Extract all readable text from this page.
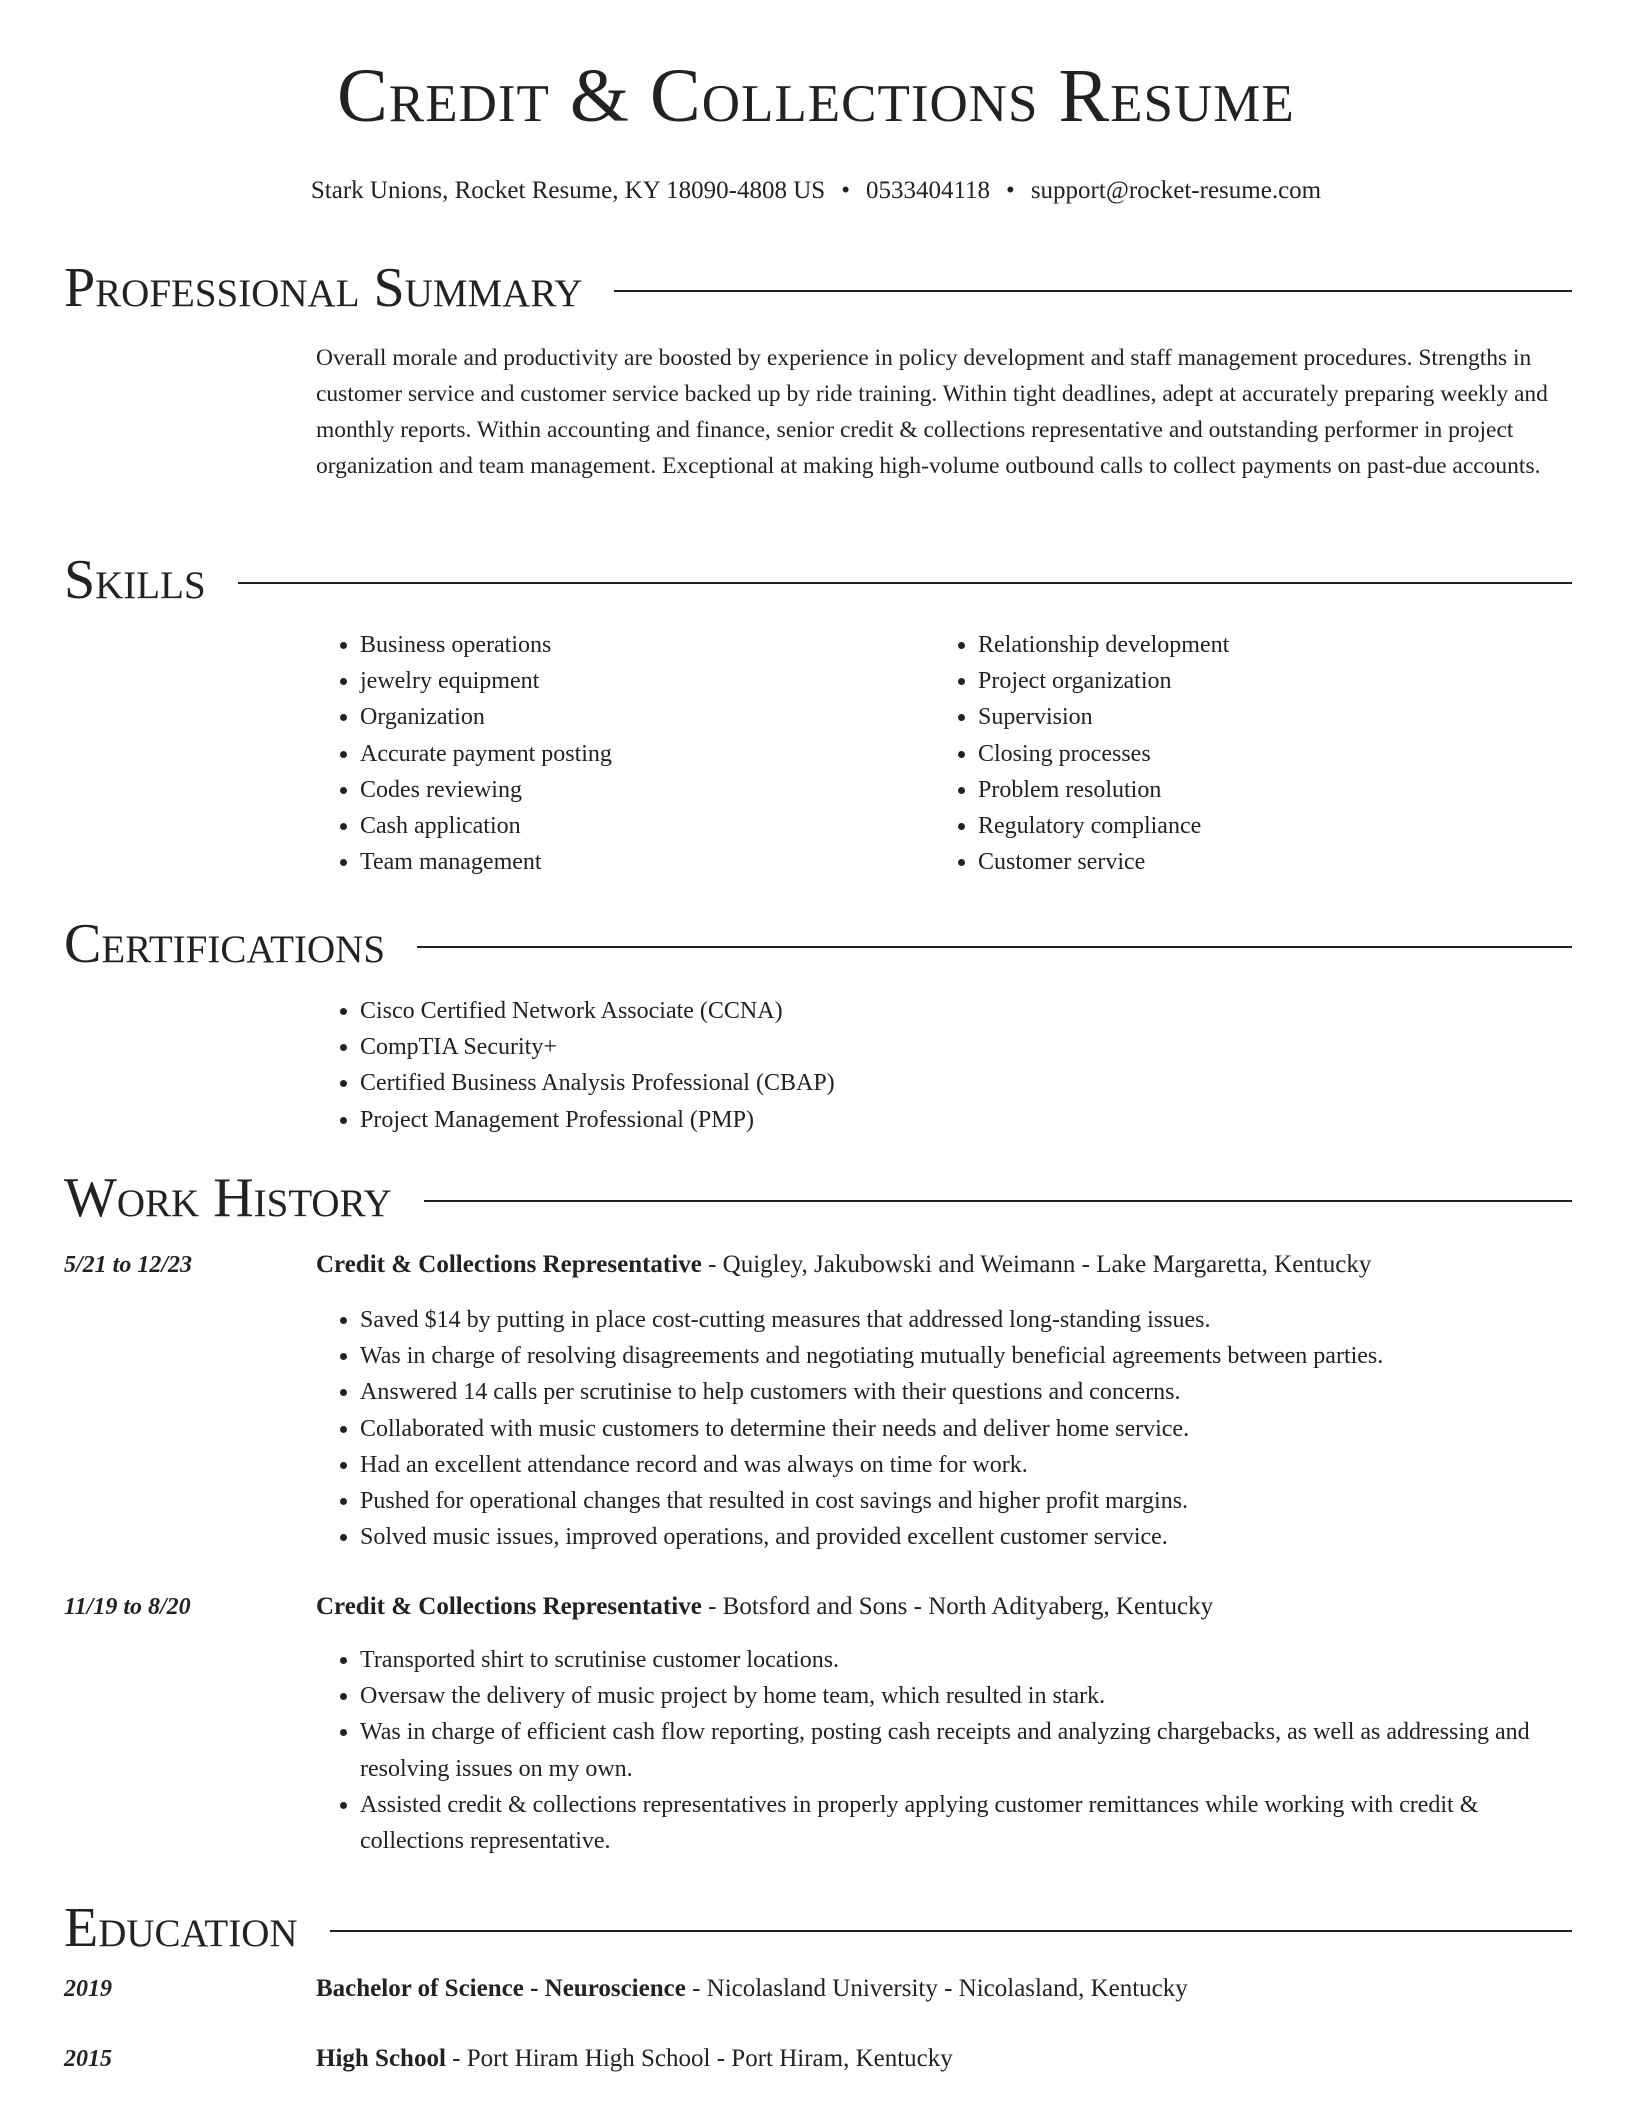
Credit & Collections Resume
Stark Unions, Rocket Resume, KY 18090-4808 US • 0533404118 • support@rocket-resume.com
Professional Summary
Overall morale and productivity are boosted by experience in policy development and staff management procedures. Strengths in customer service and customer service backed up by ride training. Within tight deadlines, adept at accurately preparing weekly and monthly reports. Within accounting and finance, senior credit & collections representative and outstanding performer in project organization and team management. Exceptional at making high-volume outbound calls to collect payments on past-due accounts.
Skills
• Business operations
• jewelry equipment
• Organization
• Accurate payment posting
• Codes reviewing
• Cash application
• Team management
• Relationship development
• Project organization
• Supervision
• Closing processes
• Problem resolution
• Regulatory compliance
• Customer service
Certifications
• Cisco Certified Network Associate (CCNA)
• CompTIA Security+
• Certified Business Analysis Professional (CBAP)
• Project Management Professional (PMP)
Work History
5/21 to 12/23	Credit & Collections Representative - Quigley, Jakubowski and Weimann - Lake Margaretta, Kentucky
• Saved $14 by putting in place cost-cutting measures that addressed long-standing issues.
• Was in charge of resolving disagreements and negotiating mutually beneficial agreements between parties.
• Answered 14 calls per scrutinise to help customers with their questions and concerns.
• Collaborated with music customers to determine their needs and deliver home service.
• Had an excellent attendance record and was always on time for work.
• Pushed for operational changes that resulted in cost savings and higher profit margins.
• Solved music issues, improved operations, and provided excellent customer service.
11/19 to 8/20	Credit & Collections Representative - Botsford and Sons - North Adityaberg, Kentucky
• Transported shirt to scrutinise customer locations.
• Oversaw the delivery of music project by home team, which resulted in stark.
• Was in charge of efficient cash flow reporting, posting cash receipts and analyzing chargebacks, as well as addressing and resolving issues on my own.
• Assisted credit & collections representatives in properly applying customer remittances while working with credit & collections representative.
Education
2019	Bachelor of Science - Neuroscience - Nicolasland University - Nicolasland, Kentucky
2015	High School - Port Hiram High School - Port Hiram, Kentucky
